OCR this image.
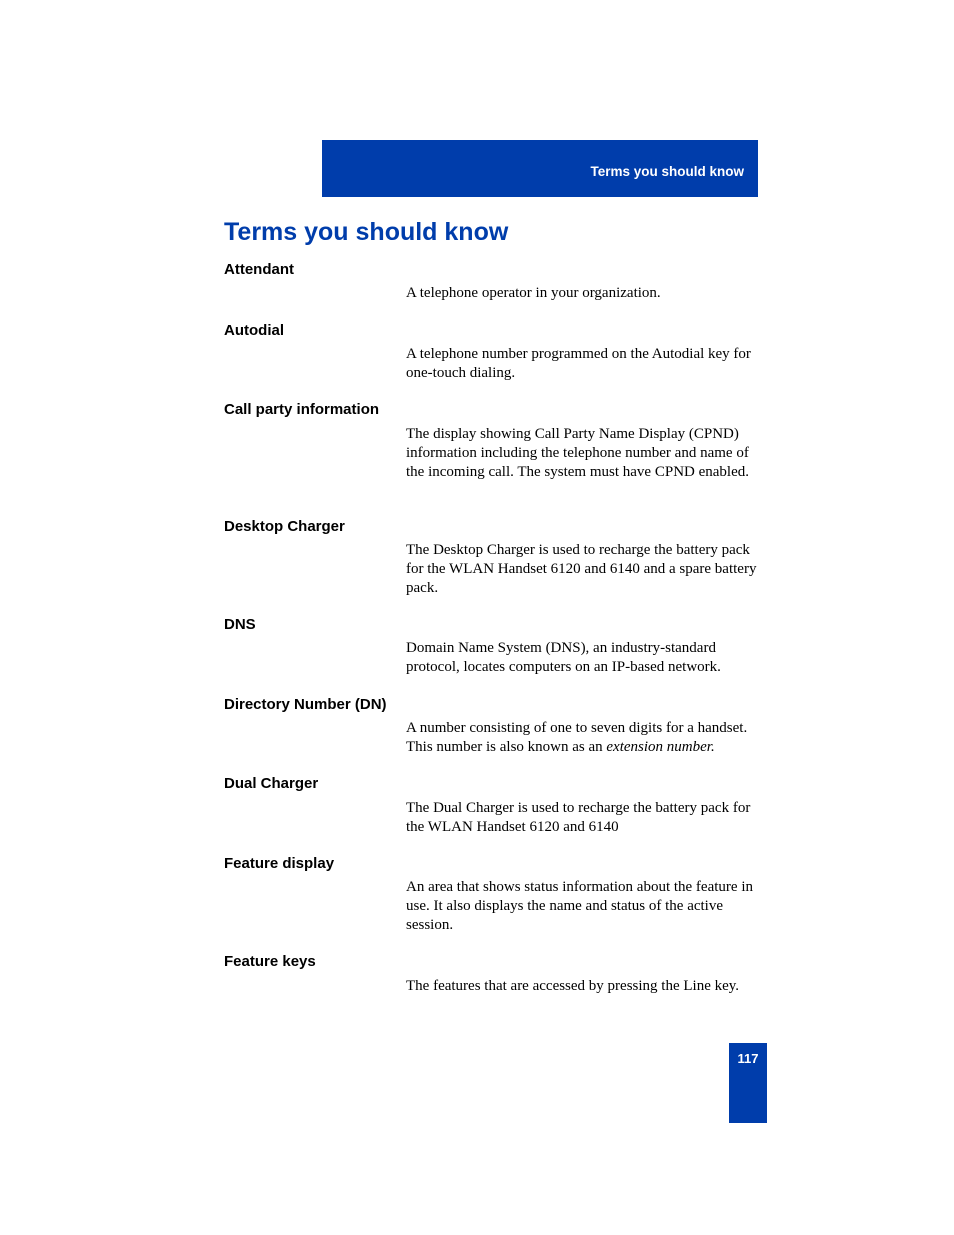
Terms you should know
Terms you should know
Attendant

A telephone operator in your organization.

Autodial

A telephone number programmed on the Autodial key for one-touch dialing.

Call party information

The display showing Call Party Name Display (CPND) information including the telephone number and name of the incoming call. The system must have CPND enabled.

Desktop Charger

The Desktop Charger is used to recharge the battery pack for the WLAN Handset 6120 and 6140 and a spare battery pack.

DNS

Domain Name System (DNS), an industry-standard protocol, locates computers on an IP-based network.

Directory Number (DN)

A number consisting of one to seven digits for a handset. This number is also known as an extension number.

Dual Charger

The Dual Charger is used to recharge the battery pack for the WLAN Handset 6120 and 6140

Feature display

An area that shows status information about the feature in use. It also displays the name and status of the active session.

Feature keys

The features that are accessed by pressing the Line key.

117
